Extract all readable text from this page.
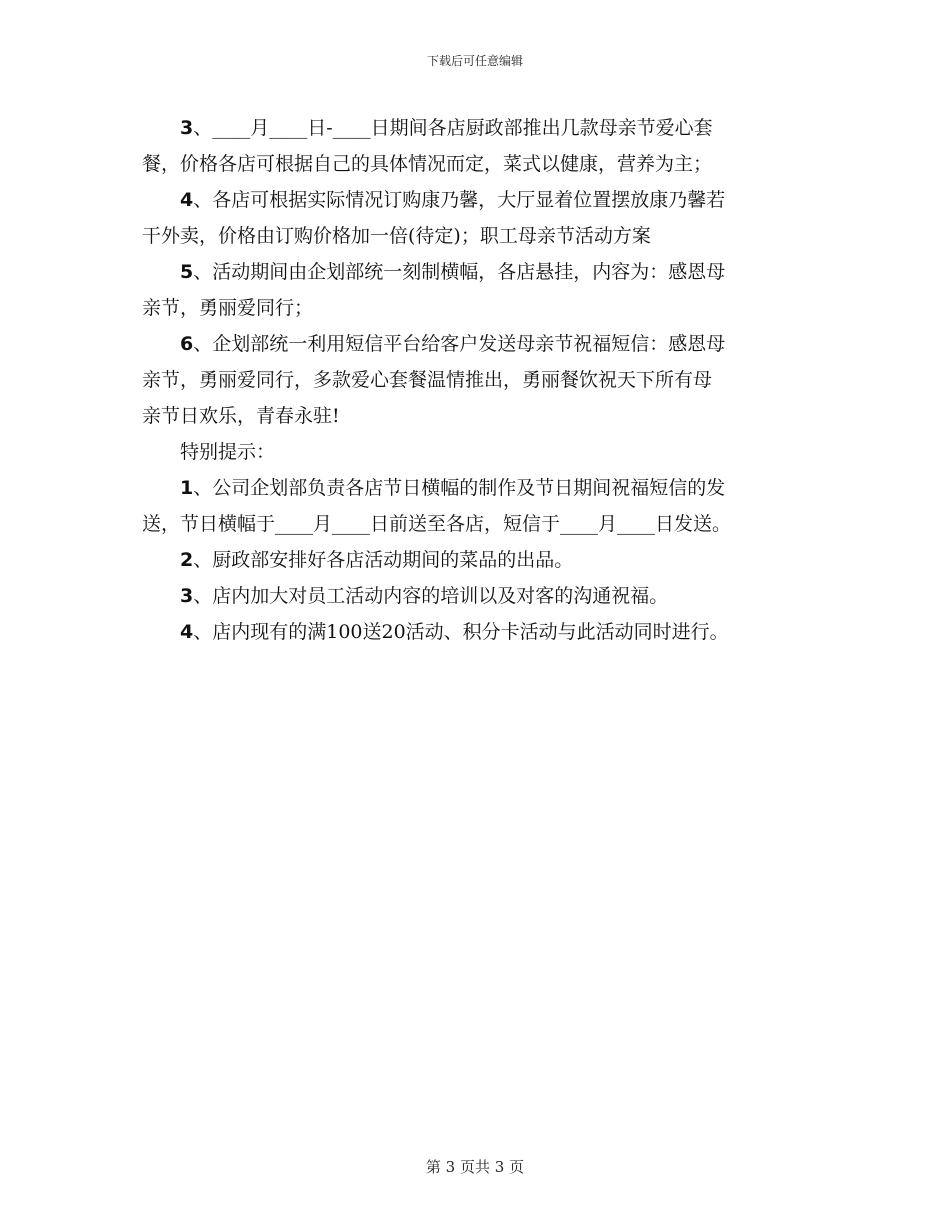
下载后可任意编辑

3、____月____日-____日期间各店厨政部推出几款母亲节爱心套
餐，价格各店可根据自己的具体情况而定，菜式以健康，营养为主；

4、各店可根据实际情况订购康乃馨，大厅显着位置摆放康乃馨若
干外卖，价格由订购价格加一倍(待定)；职工母亲节活动方案

5、活动期间由企划部统一刻制横幅，各店悬挂，内容为：感恩母
亲节，勇丽爱同行；

6、企划部统一利用短信平台给客户发送母亲节祝福短信：感恩母
亲节，勇丽爱同行，多款爱心套餐温情推出，勇丽餐饮祝天下所有母
亲节日欢乐，青春永驻!

特别提示：

1、公司企划部负责各店节日横幅的制作及节日期间祝福短信的发
送，节日横幅于____月____日前送至各店，短信于____月____日发送。

2、厨政部安排好各店活动期间的菜品的出品。

3、店内加大对员工活动内容的培训以及对客的沟通祝福。

4、店内现有的满100送20活动、积分卡活动与此活动同时进行。

第 3 页共 3 页
